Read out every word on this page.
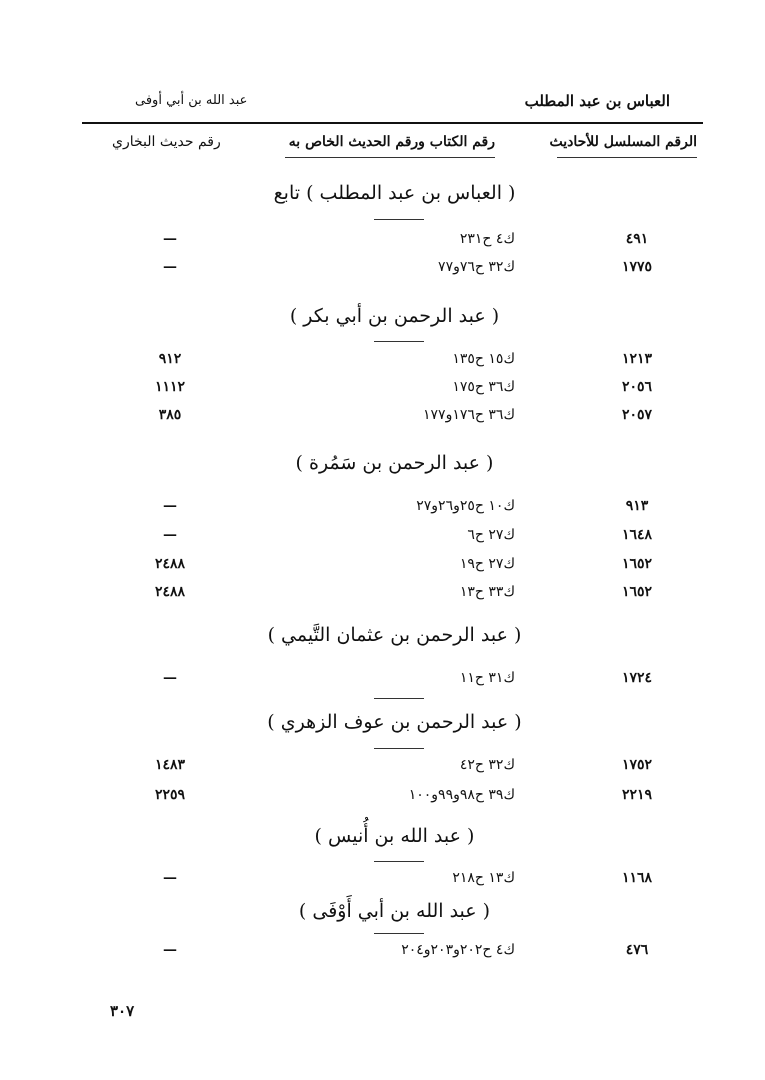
العباس بن عبد المطلب
عبد الله بن أبي أوفى
الرقم المسلسل للأحاديث
رقم الكتاب ورقم الحديث الخاص به
رقم حديث البخاري
( العباس بن عبد المطلب ) تابع
٤٩١
ك٤ ح٢٣١
—
١٧٧٥
ك٣٢ ح٧٦و٧٧
—
( عبد الرحمن بن أبي بكر )
١٢١٣
ك١٥ ح١٣٥
٩١٢
٢٠٥٦
ك٣٦ ح١٧٥
١١١٢
٢٠٥٧
ك٣٦ ح١٧٦و١٧٧
٣٨٥
( عبد الرحمن بن سَمُرة )
٩١٣
ك١٠ ح٢٥و٢٦و٢٧
—
١٦٤٨
ك٢٧ ح٦
—
١٦٥٢
ك٢٧ ح١٩
٢٤٨٨
١٦٥٢
ك٣٣ ح١٣
٢٤٨٨
( عبد الرحمن بن عثمان التَّيمي )
١٧٢٤
ك٣١ ح١١
—
( عبد الرحمن بن عوف الزهري )
١٧٥٢
ك٣٢ ح٤٢
١٤٨٣
٢٢١٩
ك٣٩ ح٩٨و٩٩و١٠٠
٢٢٥٩
( عبد الله بن أُنيس )
١١٦٨
ك١٣ ح٢١٨
—
( عبد الله بن أبي أَوْفَى )
٤٧٦
ك٤ ح٢٠٢و٢٠٣و٢٠٤
—
٣٠٧
